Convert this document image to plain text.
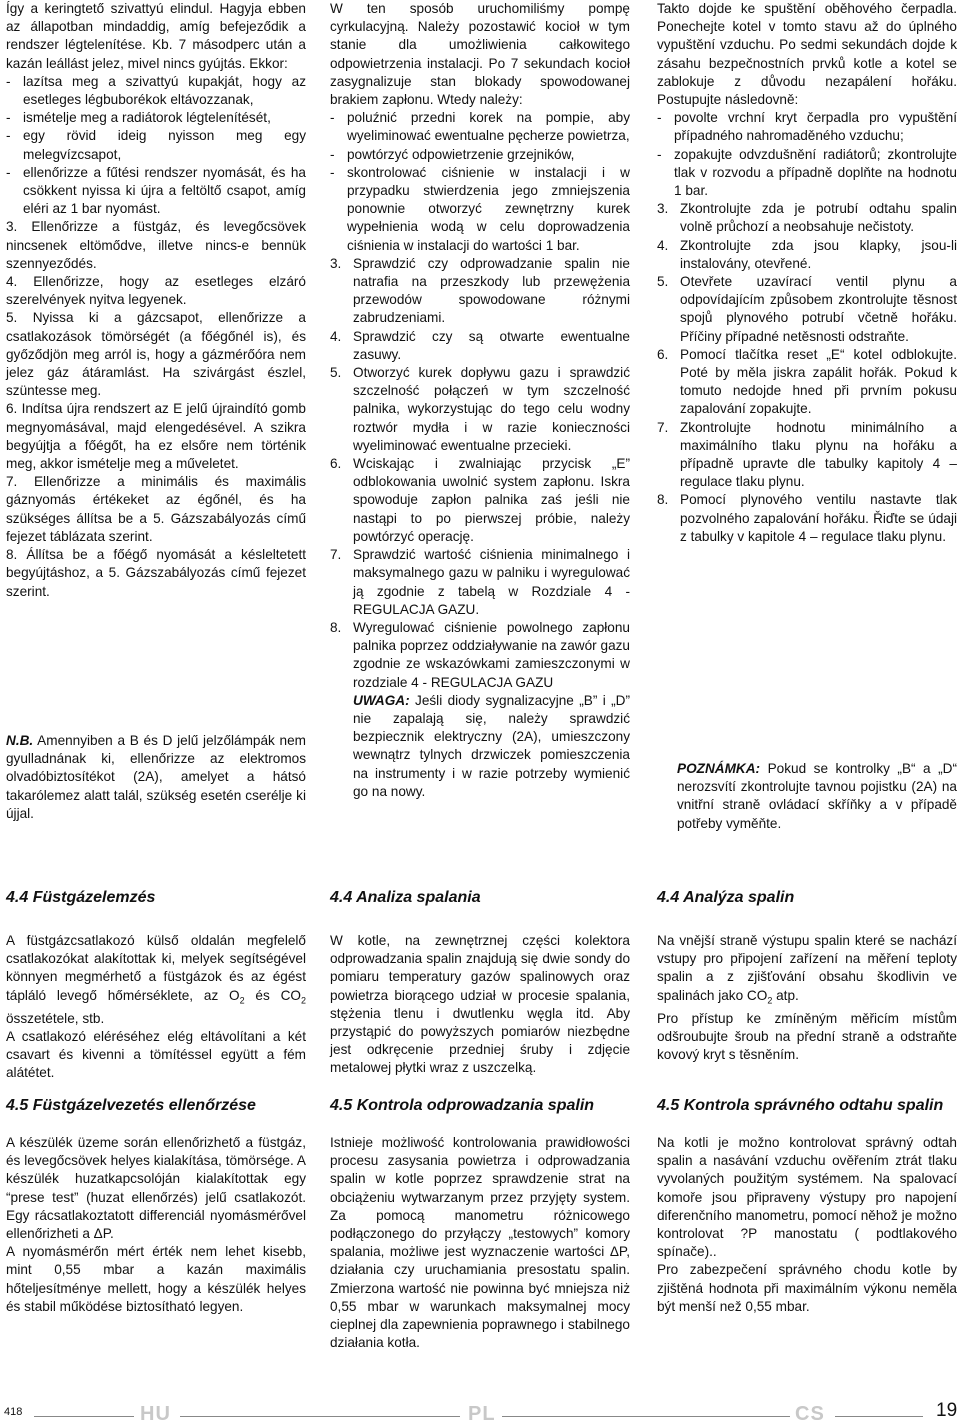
Így a keringtető szivattyú elindul. Hagyja ebben az állapotban mindaddig, amíg befejeződik a rendszer légtelenítése. Kb. 7 másodperc után a kazán leállást jelez, mivel nincs gyújtás. Ekkor:

- lazítsa meg a szivattyú kupakját, hogy az esetleges légbuborékok eltávozzanak,
- ismételje meg a radiátorok légtelenítését,
- egy rövid ideig nyisson meg egy melegvízcsapot,
- ellenőrizze a fűtési rendszer nyomását, és ha csökkent nyissa ki újra a feltöltő csapot, amíg eléri az 1 bar nyomást.
3. Ellenőrizze a füstgáz, és levegőcsövek nincsenek eltömődve, illetve nincs-e bennük szennyeződés.
4. Ellenőrizze, hogy az esetleges elzáró szerelvények nyitva legyenek.
5. Nyissa ki a gázcsapot, ellenőrizze a csatlakozások tömörségét (a főégőnél is), és győződjön meg arról is, hogy a gázmérőóra nem jelez gáz átáramlást. Ha szivárgást észlel, szüntesse meg.
6. Indítsa újra rendszert az E jelű újraindító gomb megnyomásával, majd elengedésével. A szikra begyújtja a főégőt, ha ez elsőre nem történik meg, akkor ismételje meg a műveletet.
7. Ellenőrizze a minimális és maximális gáznyomás értékeket az égőnél, és ha szükséges állítsa be a 5. Gázszabályozás című fejezet táblázata szerint.
8. Állítsa be a főégő nyomását a késleltetett begyújtáshoz, a 5. Gázszabályozás című fejezet szerint.

N.B. Amennyiben a B és D jelű jelzőlámpák nem gyulladnának ki, ellenőrizze az elektromos olvadóbiztosítékot (2A), amelyet a hátsó takarólemez alatt talál, szükség esetén cserélje ki újjal.

W ten sposób uruchomiliśmy pompę cyrkulacyjną. Należy pozostawić kocioł w tym stanie dla umożliwienia całkowitego odpowietrzenia instalacji. Po 7 sekundach kocioł zasygnalizuje stan blokady spowodowanej brakiem zapłonu. Wtedy należy:

- poluźnić przedni korek na pompie, aby wyeliminować ewentualne pęcherze powietrza,
- powtórzyć odpowietrzenie grzejników,
- skontrolować ciśnienie w instalacji i w przypadku stwierdzenia jego zmniejszenia ponownie otworzyć zewnętrzny kurek wypełnienia wodą w celu doprowadzenia ciśnienia w instalacji do wartości 1 bar.
3. Sprawdzić czy odprowadzanie spalin nie natrafia na przeszkody lub przewężenia przewodów spowodowane różnymi zabrudzeniami.
4. Sprawdzić czy są otwarte ewentualne zasuwy.
5. Otworzyć kurek dopływu gazu i sprawdzić szczelność połączeń w tym szczelność palnika, wykorzystując do tego celu wodny roztwór mydła i w razie konieczności wyeliminować ewentualne przecieki.
6. Wciskając i zwalniając przycisk „E” odblokowania uwolnić system zapłonu. Iskra spowoduje zapłon palnika zaś jeśli nie nastąpi to po pierwszej próbie, należy powtórzyć operację.
7. Sprawdzić wartość ciśnienia minimalnego i maksymalnego gazu w palniku i wyregulować ją zgodnie z tabelą w Rozdziale 4 - REGULACJA GAZU.
8. Wyregulować ciśnienie powolnego zapłonu palnika poprzez oddziaływanie na zawór gazu zgodnie ze wskazówkami zamieszczonymi w rozdziale 4 - REGULACJA GAZU
UWAGA: Jeśli diody sygnalizacyjne „B” i „D” nie zapalają się, należy sprawdzić bezpiecznik elektryczny (2A), umieszczony wewnątrz tylnych drzwiczek pomieszczenia na instrumenty i w razie potrzeby wymienić go na nowy.

Takto dojde ke spuštění oběhového čerpadla. Ponechejte kotel v tomto stavu až do úplného vypuštění vzduchu. Po sedmi sekundách dojde k zásahu bezpečnostních prvků kotle a kotel se zablokuje z důvodu nezapálení hořáku. Postupujte následovně:

- povolte vrchní kryt čerpadla pro vypuštění případného nahromaděného vzduchu;
- zopakujte odvzdušnění radiátorů; zkontrolujte tlak v rozvodu a případně doplňte na hodnotu 1 bar.
3. Zkontrolujte zda je potrubí odtahu spalin volně průchozí a neobsahuje nečistoty.
4. Zkontrolujte zda jsou klapky, jsou-li instalovány, otevřené.
5. Otevřete uzavírací ventil plynu a odpovídajícím způsobem zkontrolujte těsnost spojů plynového potrubí včetně hořáku. Příčiny případné netěsnosti odstraňte.
6. Pomocí tlačítka reset „E“ kotel odblokujte. Poté by měla jiskra zapálit hořák. Pokud k tomuto nedojde hned při prvním pokusu zapalování zopakujte.
7. Zkontrolujte hodnotu minimálního a maximálního tlaku plynu na hořáku a případně upravte dle tabulky kapitoly 4 – regulace tlaku plynu.
8. Pomocí plynového ventilu nastavte tlak pozvolného zapalování hořáku. Řiďte se údaji z tabulky v kapitole 4 – regulace tlaku plynu.

POZNÁMKA: Pokud se kontrolky „B“ a „D“ nerozsvítí zkontrolujte tavnou pojistku (2A) na vnitřní straně ovládací skříňky a v případě potřeby vyměňte.

4.4 Füstgázelemzés	4.4 Analiza spalania	4.4 Analýza spalin

A füstgázcsatlakozó külső oldalán megfelelő csatlakozókat alakítottak ki, melyek segítségével könnyen megmérhető a füstgázok és az égést tápláló levegő hőmérséklete, az $O_2$ és $CO_2$ összetétele, stb.

A csatlakozó eléréséhez elég eltávolítani a két csavart és kivenni a tömítéssel együtt a fém alátétet.

W kotle, na zewnętrznej części kolektora odprowadzania spalin znajdują się dwie sondy do pomiaru temperatury gazów spalinowych oraz powietrza biorącego udział w procesie spalania, stężenia tlenu i dwutlenku węgla itd. Aby przystąpić do powyższych pomiarów niezbędne jest odkręcenie przedniej śruby i zdjęcie metalowej płytki wraz z uszczelką.

Na vnější straně výstupu spalin které se nachází vstupy pro připojení zařízení na měření teploty spalin a z zjišťování obsahu škodlivin ve spalinách jako $CO_2$ atp.

Pro přístup ke zmíněným měřicím místům odšroubujte šroub na přední straně a odstraňte kovový kryt s těsněním.

4.5 Füstgázelvezetés ellenőrzése	4.5 Kontrola odprowadzania spalin	4.5 Kontrola správného odtahu spalin

A készülék üzeme során ellenőrizhető a füstgáz, és levegőcsövek helyes kialakítása, tömörsége. A készülék huzatkapcsolóján kialakítottak egy “prese test” (huzat ellenőrzés) jelű csatlakozót. Egy rácsatlakoztatott differenciál nyomásmérővel ellenőrizheti a ΔP.

A nyomásmérőn mért érték nem lehet kisebb, mint 0,55 mbar a kazán maximális hőteljesítménye mellett, hogy a készülék helyes és stabil működése biztosítható legyen.

Istnieje możliwość kontrolowania prawidłowości procesu zasysania powietrza i odprowadzania spalin w kotle poprzez sprawdzenie strat na obciążeniu wytwarzanym przez przyjęty system. Za pomocą manometru różnicowego podłączonego do przyłączy „testowych” komory spalania, możliwe jest wyznaczenie wartości ΔP, działania czy uruchamiania presostatu spalin. Zmierzona wartość nie powinna być mniejsza niż 0,55 mbar w warunkach maksymalnej mocy cieplnej dla zapewnienia poprawnego i stabilnego działania kotła.

Na kotli je možno kontrolovat správný odtah spalin a nasávání vzduchu ověřením ztrát tlaku vyvolaných použitým systémem. Na spalovací komoře jsou připraveny výstupy pro napojení diferenčního manometru, pomocí něhož je možno kontrolovat ?P manostatu ( podtlakového spínače)..

Pro zabezpečení správného chodu kotle by zjištěná hodnota při maximálním výkonu neměla být menší než 0,55 mbar.

418	HU	PL	CS	19
